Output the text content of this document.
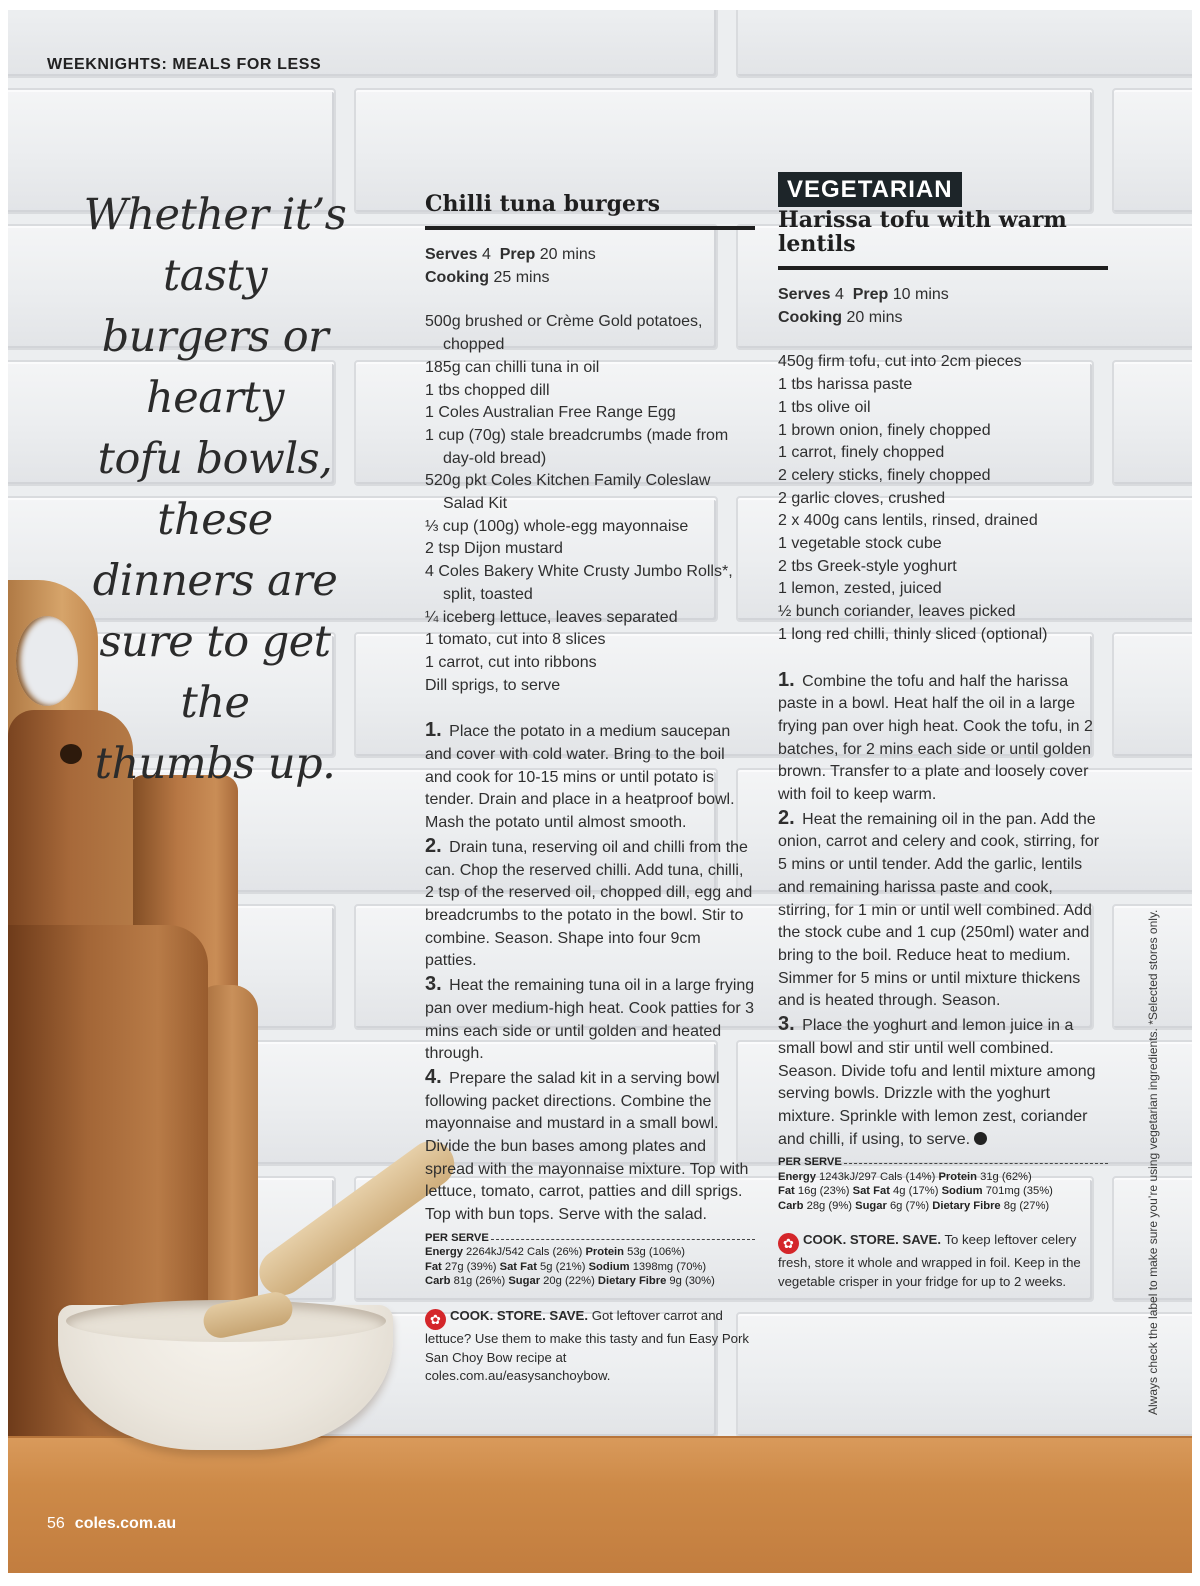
WEEKNIGHTS: MEALS FOR LESS
Whether it’s tasty
burgers or hearty
tofu bowls, these
dinners are
sure to get the
thumbs up.
Chilli tuna burgers

Serves 4 Prep 20 mins
Cooking 25 mins

500g brushed or Crème Gold potatoes, chopped
185g can chilli tuna in oil
1 tbs chopped dill
1 Coles Australian Free Range Egg
1 cup (70g) stale breadcrumbs (made from day-old bread)
520g pkt Coles Kitchen Family Coleslaw Salad Kit
⅓ cup (100g) whole-egg mayonnaise
2 tsp Dijon mustard
4 Coles Bakery White Crusty Jumbo Rolls*, split, toasted
¼ iceberg lettuce, leaves separated
1 tomato, cut into 8 slices
1 carrot, cut into ribbons
Dill sprigs, to serve
1. Place the potato in a medium saucepan and cover with cold water. Bring to the boil and cook for 10-15 mins or until potato is tender. Drain and place in a heatproof bowl. Mash the potato until almost smooth.
2. Drain tuna, reserving oil and chilli from the can. Chop the reserved chilli. Add tuna, chilli, 2 tsp of the reserved oil, chopped dill, egg and breadcrumbs to the potato in the bowl. Stir to combine. Season. Shape into four 9cm patties.
3. Heat the remaining tuna oil in a large frying pan over medium-high heat. Cook patties for 3 mins each side or until golden and heated through.
4. Prepare the salad kit in a serving bowl following packet directions. Combine the mayonnaise and mustard in a small bowl. Divide the bun bases among plates and spread with the mayonnaise mixture. Top with lettuce, tomato, carrot, patties and dill sprigs. Top with bun tops. Serve with the salad.
PER SERVE
Energy 2264kJ/542 Cals (26%) Protein 53g (106%)
Fat 27g (39%) Sat Fat 5g (21%) Sodium 1398mg (70%)
Carb 81g (26%) Sugar 20g (22%) Dietary Fibre 9g (30%)
✿ COOK. STORE. SAVE. Got leftover carrot and lettuce? Use them to make this tasty and fun Easy Pork San Choy Bow recipe at coles.com.au/easysanchoybow.
VEGETARIAN
Harissa tofu with warm lentils

Serves 4 Prep 10 mins
Cooking 20 mins

450g firm tofu, cut into 2cm pieces
1 tbs harissa paste
1 tbs olive oil
1 brown onion, finely chopped
1 carrot, finely chopped
2 celery sticks, finely chopped
2 garlic cloves, crushed
2 x 400g cans lentils, rinsed, drained
1 vegetable stock cube
2 tbs Greek-style yoghurt
1 lemon, zested, juiced
½ bunch coriander, leaves picked
1 long red chilli, thinly sliced (optional)
1. Combine the tofu and half the harissa paste in a bowl. Heat half the oil in a large frying pan over high heat. Cook the tofu, in 2 batches, for 2 mins each side or until golden brown. Transfer to a plate and loosely cover with foil to keep warm.
2. Heat the remaining oil in the pan. Add the onion, carrot and celery and cook, stirring, for 5 mins or until tender. Add the garlic, lentils and remaining harissa paste and cook, stirring, for 1 min or until well combined. Add the stock cube and 1 cup (250ml) water and bring to the boil. Reduce heat to medium. Simmer for 5 mins or until mixture thickens and is heated through. Season.
3. Place the yoghurt and lemon juice in a small bowl and stir until well combined. Season. Divide tofu and lentil mixture among serving bowls. Drizzle with the yoghurt mixture. Sprinkle with lemon zest, coriander and chilli, if using, to serve.
PER SERVE
Energy 1243kJ/297 Cals (14%) Protein 31g (62%)
Fat 16g (23%) Sat Fat 4g (17%) Sodium 701mg (35%)
Carb 28g (9%) Sugar 6g (7%) Dietary Fibre 8g (27%)
✿ COOK. STORE. SAVE. To keep leftover celery fresh, store it whole and wrapped in foil. Keep in the vegetable crisper in your fridge for up to 2 weeks.	Always check the label to make sure you’re using vegetarian ingredients. *Selected stores only.
56 coles.com.au
